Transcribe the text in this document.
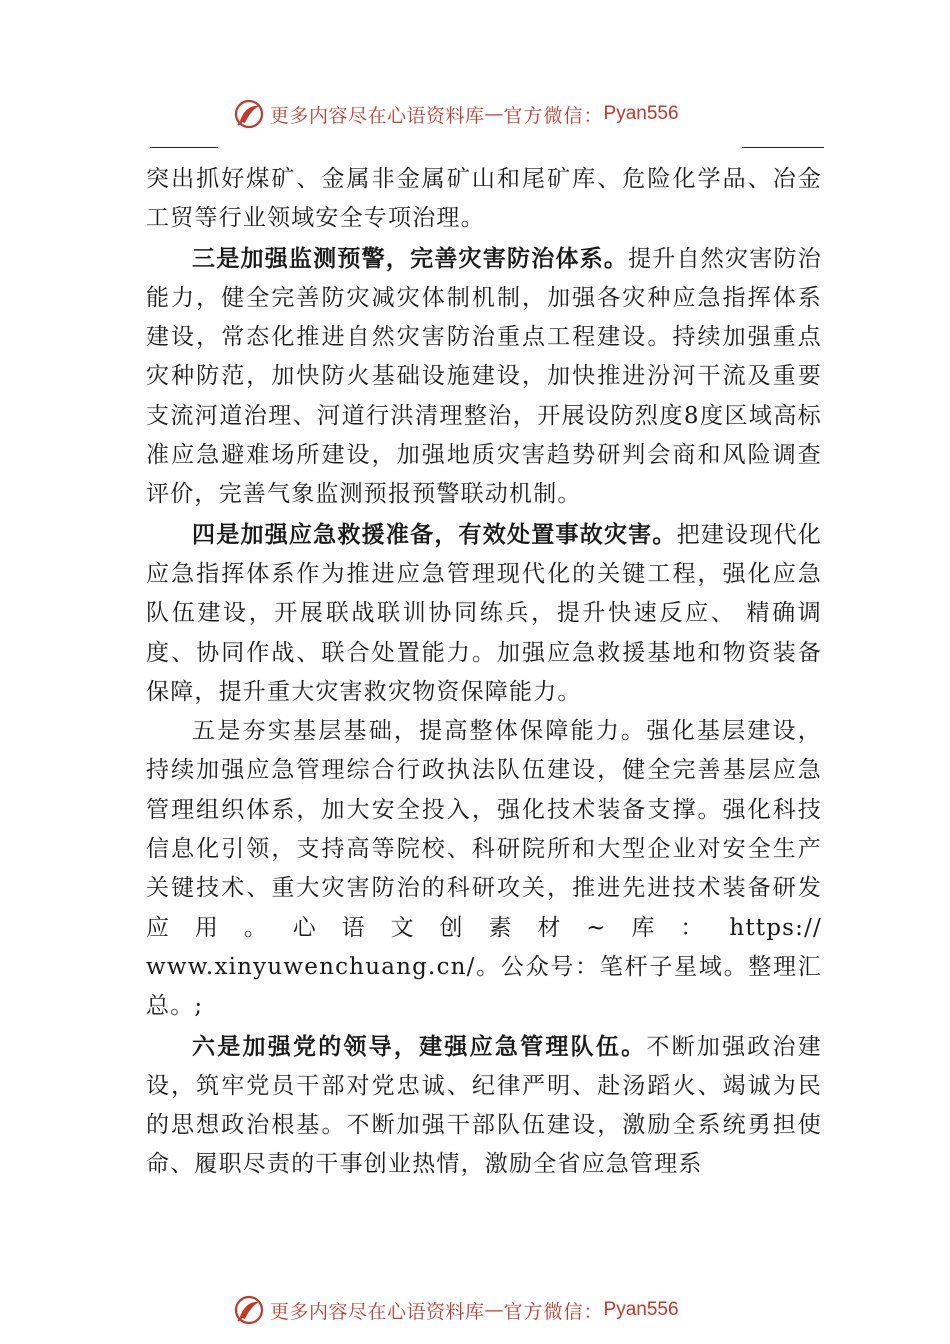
更多内容尽在心语资料库 — 官方微信： Pyan556

突出抓好煤矿、金属非金属矿山和尾矿库、危险化学品、冶金工贸等行业领域安全专项治理。

三是加强监测预警，完善灾害防治体系。提升自然灾害防治能力，健全完善防灾减灾体制机制，加强各灾种应急指挥体系建设，常态化推进自然灾害防治重点工程建设。持续加强重点灾种防范，加快防火基础设施建设，加快推进汾河干流及重要支流河道治理、河道行洪清理整治，开展设防烈度8度区域高标准应急避难场所建设，加强地质灾害趋势研判会商和风险调查评价，完善气象监测预报预警联动机制。

四是加强应急救援准备，有效处置事故灾害。把建设现代化应急指挥体系作为推进应急管理现代化的关键工程，强化应急队伍建设，开展联战联训协同练兵，提升快速反应、 精确调度、协同作战、联合处置能力。加强应急救援基地和物资装备保障，提升重大灾害救灾物资保障能力。

五是夯实基层基础，提高整体保障能力。强化基层建设， 持续加强应急管理综合行政执法队伍建设，健全完善基层应急管理组织体系，加大安全投入，强化技术装备支撑。强化科技信息化引领，支持高等院校、科研院所和大型企业对安全生产关键技术、重大灾害防治的科研攻关，推进先进技术装备研发应用。心语文创素材~库：https:// www.xinyuwenchuang.cn/。公众号：笔杆子星域。整理汇总。;

六是加强党的领导，建强应急管理队伍。不断加强政治建设，筑牢党员干部对党忠诚、纪律严明、赴汤蹈火、竭诚为民的思想政治根基。不断加强干部队伍建设，激励全系统勇担使命、履职尽责的干事创业热情，激励全省应急管理系

更多内容尽在心语资料库 — 官方微信： Pyan556
